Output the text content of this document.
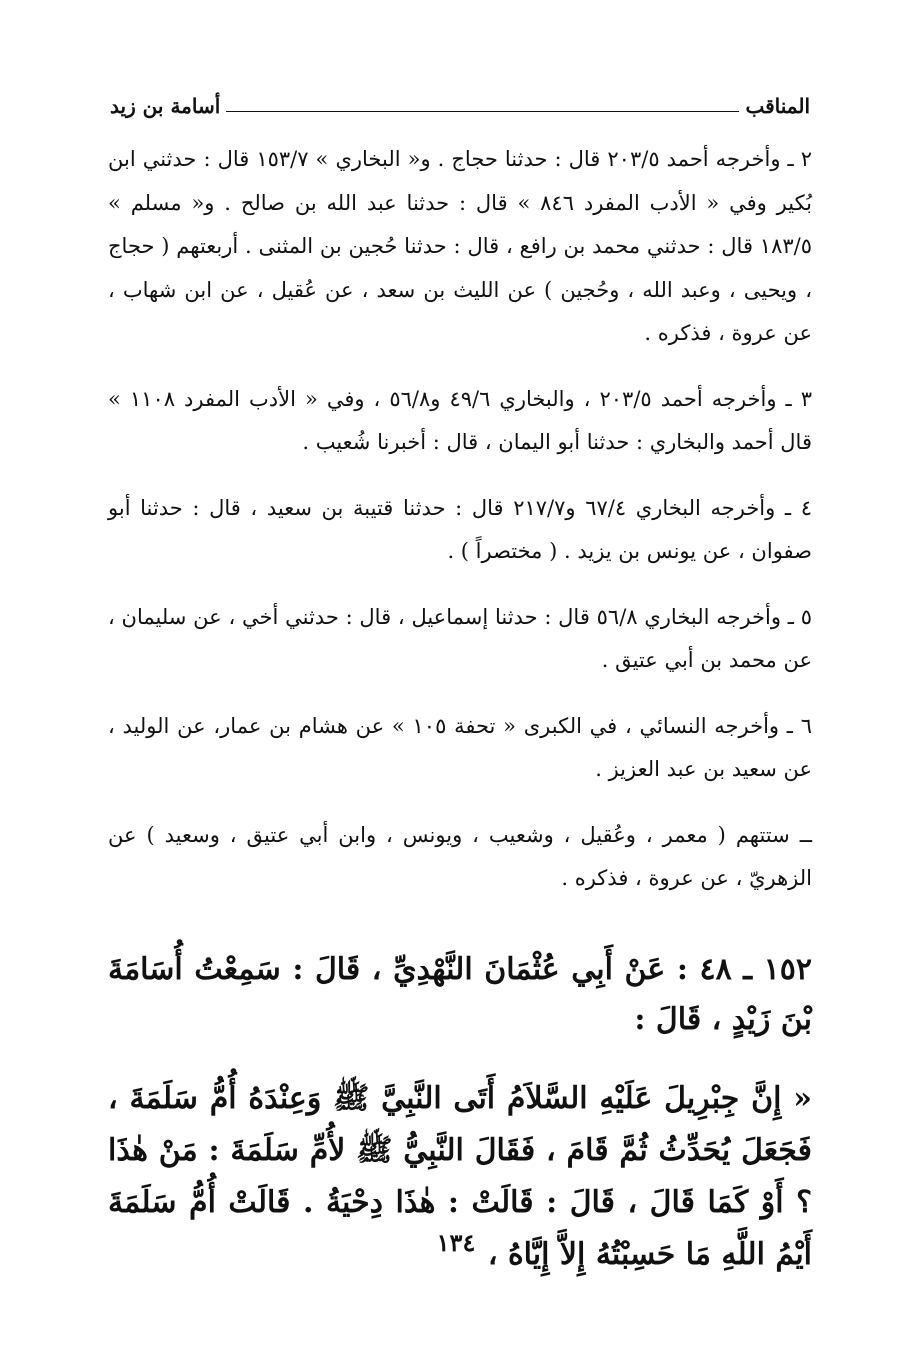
المناقب
أسامة بن زيد

٢ ـ وأخرجه أحمد ٢٠٣/٥ قال : حدثنا حجاج . و« البخاري » ١٥٣/٧ قال : حدثني ابن بُكير وفي « الأدب المفرد ٨٤٦ » قال : حدثنا عبد الله بن صالح . و« مسلم » ١٨٣/٥ قال : حدثني محمد بن رافع ، قال : حدثنا حُجين بن المثنى . أربعتهم ( حجاج ، ويحيى ، وعبد الله ، وحُجين ) عن الليث بن سعد ، عن عُقيل ، عن ابن شهاب ، عن عروة ، فذكره .

٣ ـ وأخرجه أحمد ٢٠٣/٥ ، والبخاري ٤٩/٦ و٥٦/٨ ، وفي « الأدب المفرد ١١٠٨ » قال أحمد والبخاري : حدثنا أبو اليمان ، قال : أخبرنا شُعيب .

٤ ـ وأخرجه البخاري ٦٧/٤ و٢١٧/٧ قال : حدثنا قتيبة بن سعيد ، قال : حدثنا أبو صفوان ، عن يونس بن يزيد . ( مختصراً ) .

٥ ـ وأخرجه البخاري ٥٦/٨ قال : حدثنا إسماعيل ، قال : حدثني أخي ، عن سليمان ، عن محمد بن أبي عتيق .

٦ ـ وأخرجه النسائي ، في الكبرى « تحفة ١٠٥ » عن هشام بن عمار، عن الوليد ، عن سعيد بن عبد العزيز .

ــ ستتهم ( معمر ، وعُقيل ، وشعيب ، ويونس ، وابن أبي عتيق ، وسعيد ) عن الزهريّ ، عن عروة ، فذكره .

١٥٢ ـ ٤٨ : عَنْ أَبِي عُثْمَانَ النَّهْدِيِّ ، قَالَ : سَمِعْتُ أُسَامَةَ بْنَ زَيْدٍ ، قَالَ :
« إِنَّ جِبْرِيلَ عَلَيْهِ السَّلاَمُ أَتَى النَّبِيَّ ﷺ وَعِنْدَهُ أُمُّ سَلَمَةَ ، فَجَعَلَ يُحَدِّثُ ثُمَّ قَامَ ، فَقَالَ النَّبِيُّ ﷺ لأُمِّ سَلَمَةَ : مَنْ هٰذَا ؟ أَوْ كَمَا قَالَ ، قَالَ : قَالَتْ : هٰذَا دِحْيَةُ . قَالَتْ أُمُّ سَلَمَةَ أَيْمُ اللَّهِ مَا حَسِبْتُهُ إِلاَّ إِيَّاهُ ،
١٣٤
